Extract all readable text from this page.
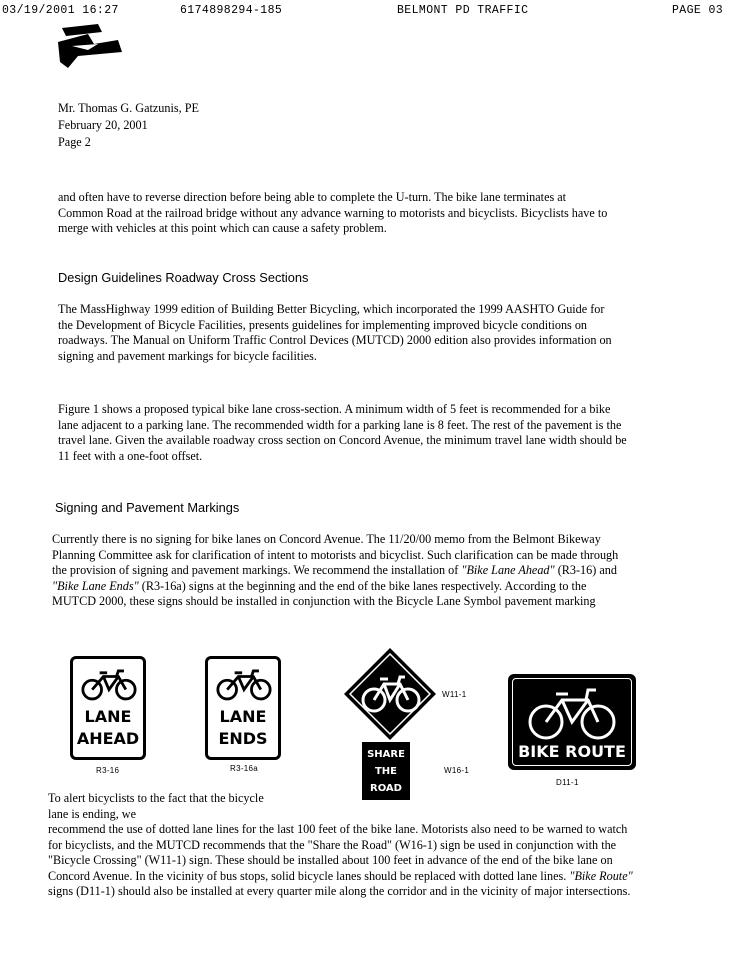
03/19/2001 16:27	6174898294-185	BELMONT PD TRAFFIC	PAGE 03
Mr. Thomas G. Gatzunis, PE
February 20, 2001
Page 2

and often have to reverse direction before being able to complete the U-turn. The bike lane terminates at Common Road at the railroad bridge without any advance warning to motorists and bicyclists. Bicyclists have to merge with vehicles at this point which can cause a safety problem.

Design Guidelines Roadway Cross Sections

The MassHighway 1999 edition of Building Better Bicycling, which incorporated the 1999 AASHTO Guide for the Development of Bicycle Facilities, presents guidelines for implementing improved bicycle conditions on roadways. The Manual on Uniform Traffic Control Devices (MUTCD) 2000 edition also provides information on signing and pavement markings for bicycle facilities.

Figure 1 shows a proposed typical bike lane cross-section. A minimum width of 5 feet is recommended for a bike lane adjacent to a parking lane. The recommended width for a parking lane is 8 feet. The rest of the pavement is the travel lane. Given the available roadway cross section on Concord Avenue, the minimum travel lane width should be 11 feet with a one-foot offset.

Signing and Pavement Markings

Currently there is no signing for bike lanes on Concord Avenue. The 11/20/00 memo from the Belmont Bikeway Planning Committee ask for clarification of intent to motorists and bicyclist. Such clarification can be made through the provision of signing and pavement markings. We recommend the installation of "Bike Lane Ahead" (R3-16) and "Bike Lane Ends" (R3-16a) signs at the beginning and the end of the bike lanes respectively. According to the MUTCD 2000, these signs should be installed in conjunction with the Bicycle Lane Symbol pavement marking

LANE
AHEAD
R3-16
LANE
ENDS
R3-16a
W11-1
SHARE
THE
ROAD
W16-1
BIKE ROUTE
D11-1

To alert bicyclists to the fact that the bicycle lane is ending, we

recommend the use of dotted lane lines for the last 100 feet of the bike lane. Motorists also need to be warned to watch for bicyclists, and the MUTCD recommends that the "Share the Road" (W16-1) sign be used in conjunction with the "Bicycle Crossing" (W11-1) sign. These should be installed about 100 feet in advance of the end of the bike lane on Concord Avenue. In the vicinity of bus stops, solid bicycle lanes should be replaced with dotted lane lines. "Bike Route" signs (D11-1) should also be installed at every quarter mile along the corridor and in the vicinity of major intersections.
